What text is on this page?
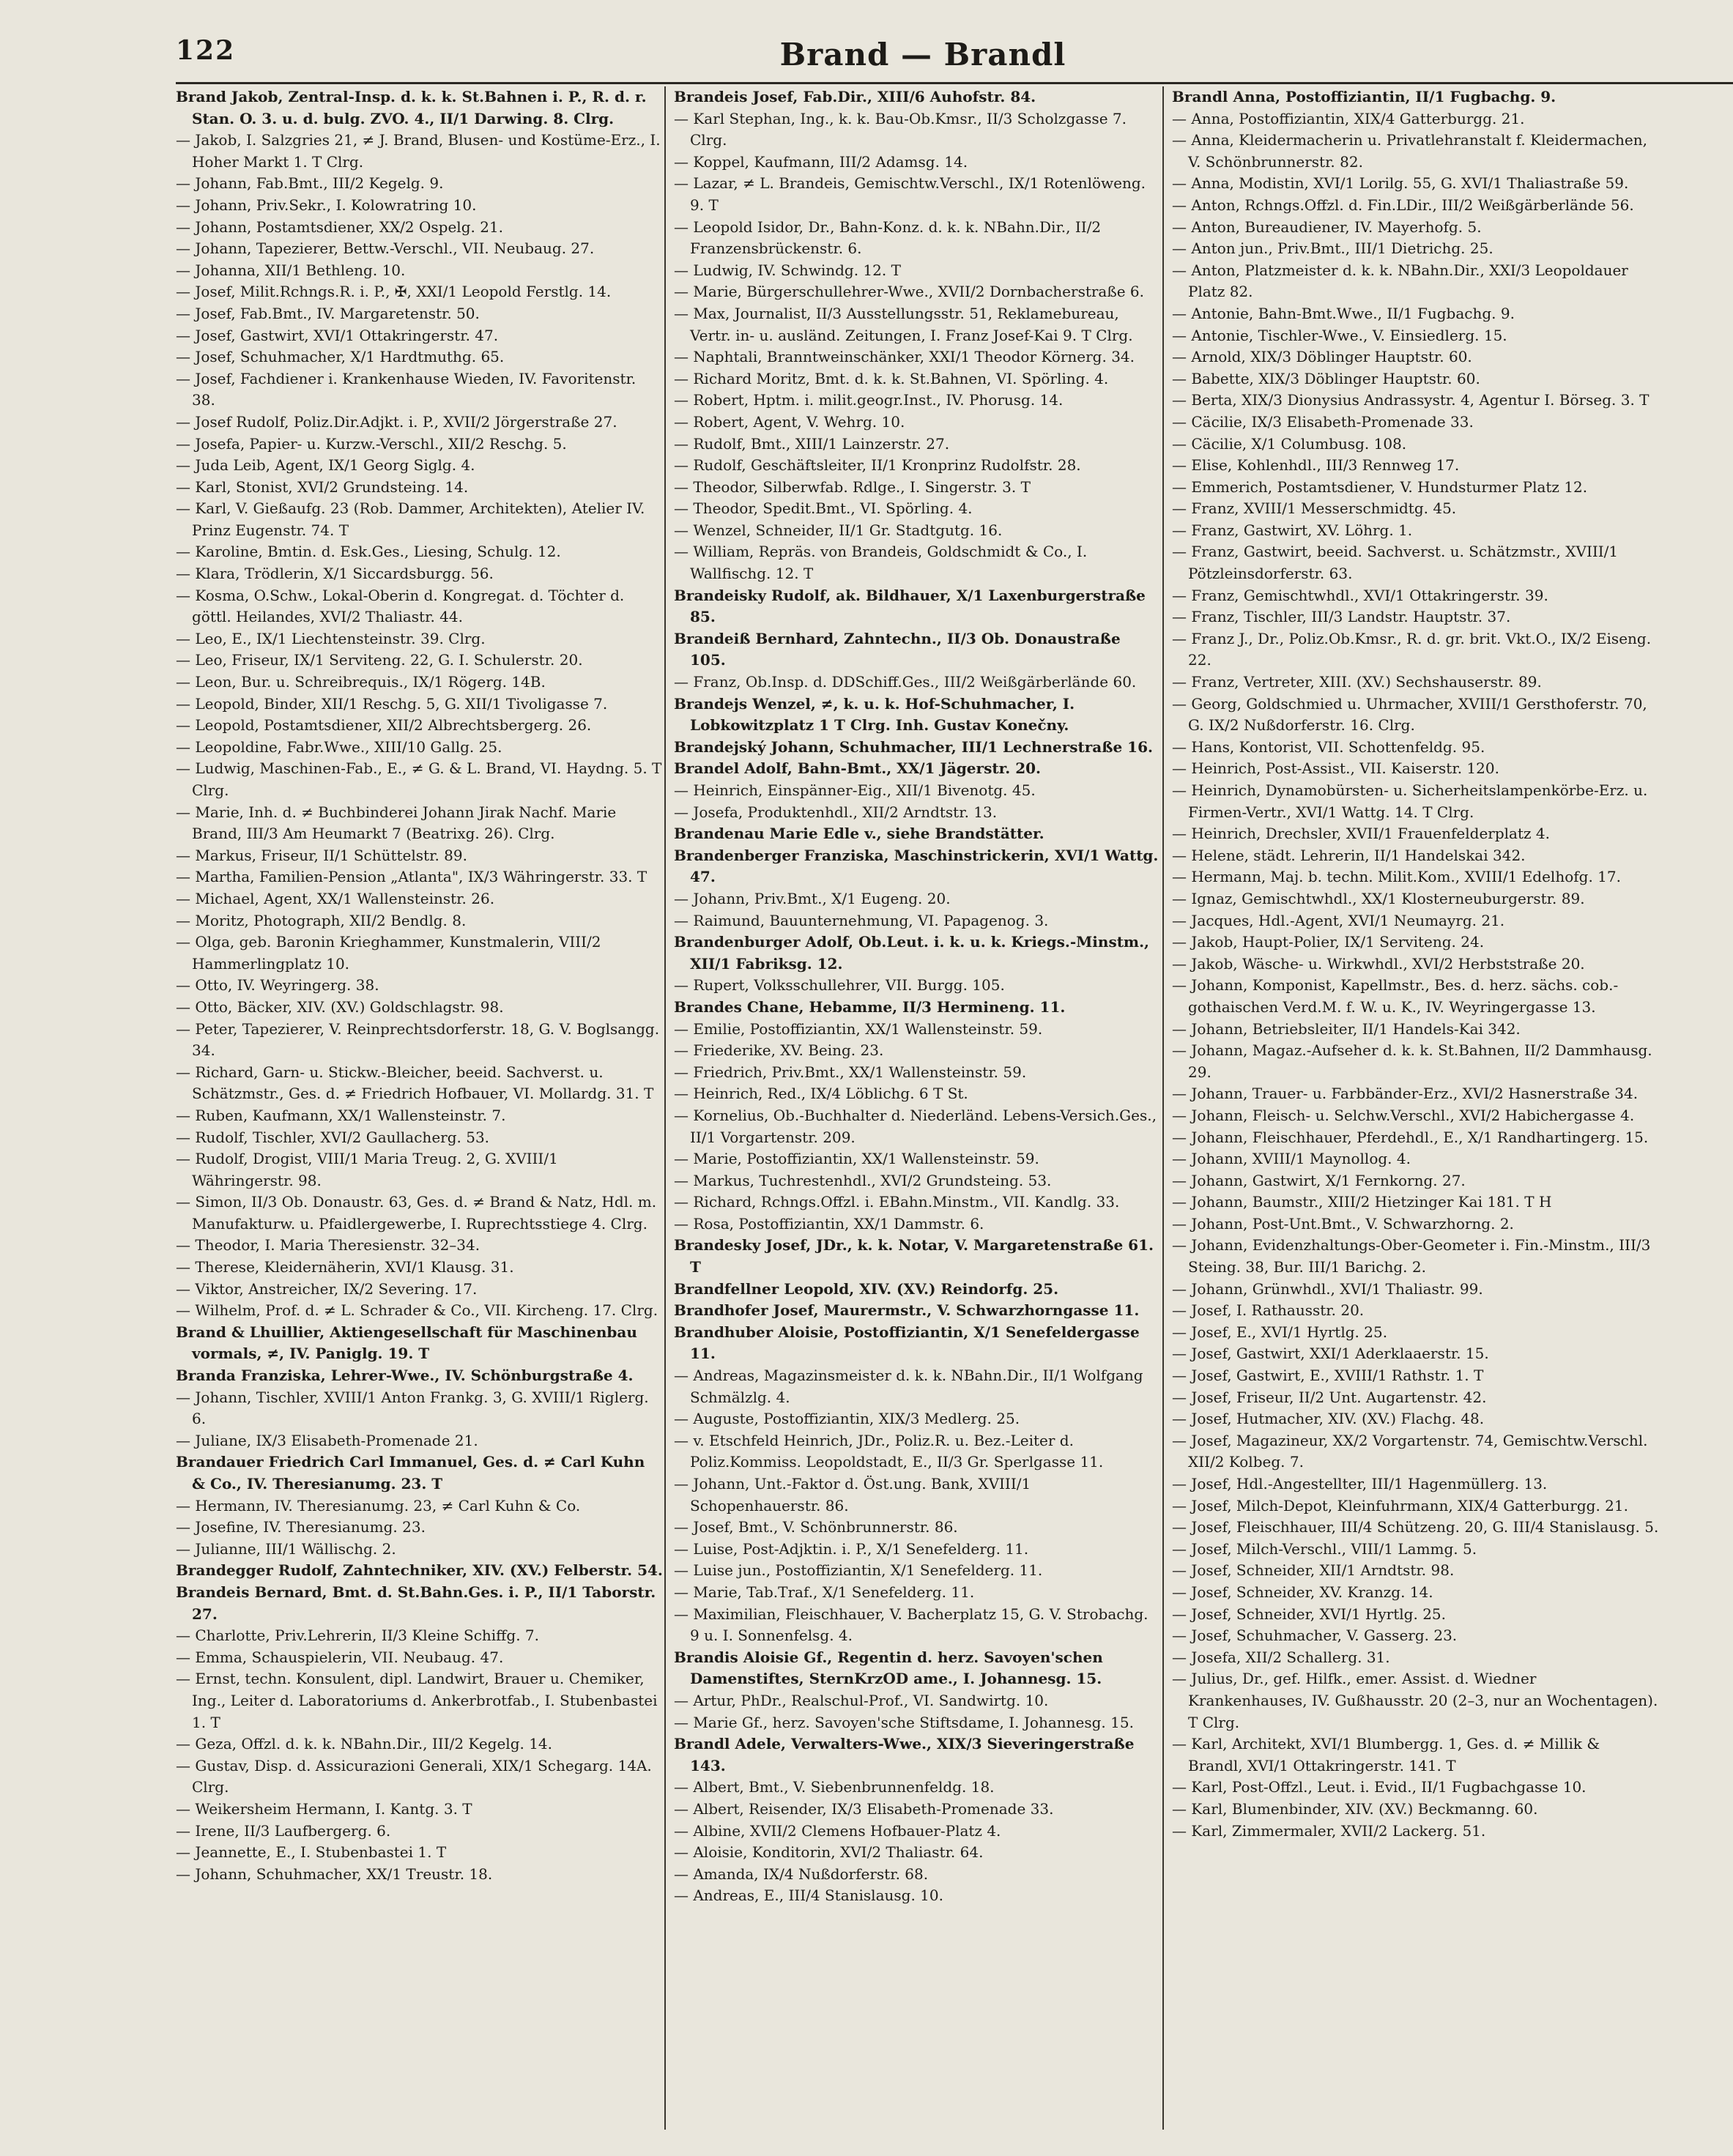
122	Brand — Brandl

Brand Jakob, Zentral-Insp. d. k. k. St.Bahnen i. P., R. d. r. Stan. O. 3. u. d. bulg. ZVO. 4., II/1 Darwing. 8. Clrg.

— Jakob, I. Salzgries 21, ≠ J. Brand, Blusen- und Kostüme-Erz., I. Hoher Markt 1. T Clrg.

— Johann, Fab.Bmt., III/2 Kegelg. 9.

— Johann, Priv.Sekr., I. Kolowratring 10.

— Johann, Postamtsdiener, XX/2 Ospelg. 21.

— Johann, Tapezierer, Bettw.-Verschl., VII. Neubaug. 27.

— Johanna, XII/1 Bethleng. 10.

— Josef, Milit.Rchngs.R. i. P., ✠, XXI/1 Leopold Ferstlg. 14.

— Josef, Fab.Bmt., IV. Margaretenstr. 50.

— Josef, Gastwirt, XVI/1 Ottakringerstr. 47.

— Josef, Schuhmacher, X/1 Hardtmuthg. 65.

— Josef, Fachdiener i. Krankenhause Wieden, IV. Favoritenstr. 38.

— Josef Rudolf, Poliz.Dir.Adjkt. i. P., XVII/2 Jörgerstraße 27.

— Josefa, Papier- u. Kurzw.-Verschl., XII/2 Reschg. 5.

— Juda Leib, Agent, IX/1 Georg Siglg. 4.

— Karl, Stonist, XVI/2 Grundsteing. 14.

— Karl, V. Gießaufg. 23 (Rob. Dammer, Architekten), Atelier IV. Prinz Eugenstr. 74. T

— Karoline, Bmtin. d. Esk.Ges., Liesing, Schulg. 12.

— Klara, Trödlerin, X/1 Siccardsburgg. 56.

— Kosma, O.Schw., Lokal-Oberin d. Kongregat. d. Töchter d. göttl. Heilandes, XVI/2 Thaliastr. 44.

— Leo, E., IX/1 Liechtensteinstr. 39. Clrg.

— Leo, Friseur, IX/1 Serviteng. 22, G. I. Schulerstr. 20.

— Leon, Bur. u. Schreibrequis., IX/1 Rögerg. 14B.

— Leopold, Binder, XII/1 Reschg. 5, G. XII/1 Tivoligasse 7.

— Leopold, Postamtsdiener, XII/2 Albrechtsbergerg. 26.

— Leopoldine, Fabr.Wwe., XIII/10 Gallg. 25.

— Ludwig, Maschinen-Fab., E., ≠ G. & L. Brand, VI. Haydng. 5. T Clrg.

— Marie, Inh. d. ≠ Buchbinderei Johann Jirak Nachf. Marie Brand, III/3 Am Heumarkt 7 (Beatrixg. 26). Clrg.

— Markus, Friseur, II/1 Schüttelstr. 89.

— Martha, Familien-Pension „Atlanta", IX/3 Währingerstr. 33. T

— Michael, Agent, XX/1 Wallensteinstr. 26.

— Moritz, Photograph, XII/2 Bendlg. 8.

— Olga, geb. Baronin Krieghammer, Kunstmalerin, VIII/2 Hammerlingplatz 10.

— Otto, IV. Weyringerg. 38.

— Otto, Bäcker, XIV. (XV.) Goldschlagstr. 98.

— Peter, Tapezierer, V. Reinprechtsdorferstr. 18, G. V. Boglsangg. 34.

— Richard, Garn- u. Stickw.-Bleicher, beeid. Sachverst. u. Schätzmstr., Ges. d. ≠ Friedrich Hofbauer, VI. Mollardg. 31. T

— Ruben, Kaufmann, XX/1 Wallensteinstr. 7.

— Rudolf, Tischler, XVI/2 Gaullacherg. 53.

— Rudolf, Drogist, VIII/1 Maria Treug. 2, G. XVIII/1 Währingerstr. 98.

— Simon, II/3 Ob. Donaustr. 63, Ges. d. ≠ Brand & Natz, Hdl. m. Manufakturw. u. Pfaidlergewerbe, I. Ruprechtsstiege 4. Clrg.

— Theodor, I. Maria Theresienstr. 32–34.

— Therese, Kleidernäherin, XVI/1 Klausg. 31.

— Viktor, Anstreicher, IX/2 Severing. 17.

— Wilhelm, Prof. d. ≠ L. Schrader & Co., VII. Kircheng. 17. Clrg.

Brand & Lhuillier, Aktiengesellschaft für Maschinenbau vormals, ≠, IV. Paniglg. 19. T

Branda Franziska, Lehrer-Wwe., IV. Schönburgstraße 4.

— Johann, Tischler, XVIII/1 Anton Frankg. 3, G. XVIII/1 Riglerg. 6.

— Juliane, IX/3 Elisabeth-Promenade 21.

Brandauer Friedrich Carl Immanuel, Ges. d. ≠ Carl Kuhn & Co., IV. Theresianumg. 23. T

— Hermann, IV. Theresianumg. 23, ≠ Carl Kuhn & Co.

— Josefine, IV. Theresianumg. 23.

— Julianne, III/1 Wällischg. 2.

Brandegger Rudolf, Zahntechniker, XIV. (XV.) Felberstr. 54.

Brandeis Bernard, Bmt. d. St.Bahn.Ges. i. P., II/1 Taborstr. 27.

— Charlotte, Priv.Lehrerin, II/3 Kleine Schiffg. 7.

— Emma, Schauspielerin, VII. Neubaug. 47.

— Ernst, techn. Konsulent, dipl. Landwirt, Brauer u. Chemiker, Ing., Leiter d. Laboratoriums d. Ankerbrotfab., I. Stubenbastei 1. T

— Geza, Offzl. d. k. k. NBahn.Dir., III/2 Kegelg. 14.

— Gustav, Disp. d. Assicurazioni Generali, XIX/1 Schegarg. 14A. Clrg.

— Weikersheim Hermann, I. Kantg. 3. T

— Irene, II/3 Laufbergerg. 6.

— Jeannette, E., I. Stubenbastei 1. T

— Johann, Schuhmacher, XX/1 Treustr. 18.

Brandeis Josef, Fab.Dir., XIII/6 Auhofstr. 84.

— Karl Stephan, Ing., k. k. Bau-Ob.Kmsr., II/3 Scholzgasse 7. Clrg.

— Koppel, Kaufmann, III/2 Adamsg. 14.

— Lazar, ≠ L. Brandeis, Gemischtw.Verschl., IX/1 Rotenlöweng. 9. T

— Leopold Isidor, Dr., Bahn-Konz. d. k. k. NBahn.Dir., II/2 Franzensbrückenstr. 6.

— Ludwig, IV. Schwindg. 12. T

— Marie, Bürgerschullehrer-Wwe., XVII/2 Dornbacherstraße 6.

— Max, Journalist, II/3 Ausstellungsstr. 51, Reklamebureau, Vertr. in- u. ausländ. Zeitungen, I. Franz Josef-Kai 9. T Clrg.

— Naphtali, Branntweinschänker, XXI/1 Theodor Körnerg. 34.

— Richard Moritz, Bmt. d. k. k. St.Bahnen, VI. Spörling. 4.

— Robert, Hptm. i. milit.geogr.Inst., IV. Phorusg. 14.

— Robert, Agent, V. Wehrg. 10.

— Rudolf, Bmt., XIII/1 Lainzerstr. 27.

— Rudolf, Geschäftsleiter, II/1 Kronprinz Rudolfstr. 28.

— Theodor, Silberwfab. Rdlge., I. Singerstr. 3. T

— Theodor, Spedit.Bmt., VI. Spörling. 4.

— Wenzel, Schneider, II/1 Gr. Stadtgutg. 16.

— William, Repräs. von Brandeis, Goldschmidt & Co., I. Wallfischg. 12. T

Brandeisky Rudolf, ak. Bildhauer, X/1 Laxenburgerstraße 85.

Brandeiß Bernhard, Zahntechn., II/3 Ob. Donaustraße 105.

— Franz, Ob.Insp. d. DDSchiff.Ges., III/2 Weißgärberlände 60.

Brandejs Wenzel, ≠, k. u. k. Hof-Schuhmacher, I. Lobkowitzplatz 1 T Clrg. Inh. Gustav Konečny.

Brandejský Johann, Schuhmacher, III/1 Lechnerstraße 16.

Brandel Adolf, Bahn-Bmt., XX/1 Jägerstr. 20.

— Heinrich, Einspänner-Eig., XII/1 Bivenotg. 45.

— Josefa, Produktenhdl., XII/2 Arndtstr. 13.

Brandenau Marie Edle v., siehe Brandstätter.

Brandenberger Franziska, Maschinstrickerin, XVI/1 Wattg. 47.

— Johann, Priv.Bmt., X/1 Eugeng. 20.

— Raimund, Bauunternehmung, VI. Papagenog. 3.

Brandenburger Adolf, Ob.Leut. i. k. u. k. Kriegs.-Minstm., XII/1 Fabriksg. 12.

— Rupert, Volksschullehrer, VII. Burgg. 105.

Brandes Chane, Hebamme, II/3 Hermineng. 11.

— Emilie, Postoffiziantin, XX/1 Wallensteinstr. 59.

— Friederike, XV. Being. 23.

— Friedrich, Priv.Bmt., XX/1 Wallensteinstr. 59.

— Heinrich, Red., IX/4 Löblichg. 6 T St.

— Kornelius, Ob.-Buchhalter d. Niederländ. Lebens-Versich.Ges., II/1 Vorgartenstr. 209.

— Marie, Postoffiziantin, XX/1 Wallensteinstr. 59.

— Markus, Tuchrestenhdl., XVI/2 Grundsteing. 53.

— Richard, Rchngs.Offzl. i. EBahn.Minstm., VII. Kandlg. 33.

— Rosa, Postoffiziantin, XX/1 Dammstr. 6.

Brandesky Josef, JDr., k. k. Notar, V. Margaretenstraße 61. T

Brandfellner Leopold, XIV. (XV.) Reindorfg. 25.

Brandhofer Josef, Maurermstr., V. Schwarzhorngasse 11.

Brandhuber Aloisie, Postoffiziantin, X/1 Senefeldergasse 11.

— Andreas, Magazinsmeister d. k. k. NBahn.Dir., II/1 Wolfgang Schmälzlg. 4.

— Auguste, Postoffiziantin, XIX/3 Medlerg. 25.

— v. Etschfeld Heinrich, JDr., Poliz.R. u. Bez.-Leiter d. Poliz.Kommiss. Leopoldstadt, E., II/3 Gr. Sperlgasse 11.

— Johann, Unt.-Faktor d. Öst.ung. Bank, XVIII/1 Schopenhauerstr. 86.

— Josef, Bmt., V. Schönbrunnerstr. 86.

— Luise, Post-Adjktin. i. P., X/1 Senefelderg. 11.

— Luise jun., Postoffiziantin, X/1 Senefelderg. 11.

— Marie, Tab.Traf., X/1 Senefelderg. 11.

— Maximilian, Fleischhauer, V. Bacherplatz 15, G. V. Strobachg. 9 u. I. Sonnenfelsg. 4.

Brandis Aloisie Gf., Regentin d. herz. Savoyen'schen Damenstiftes, SternKrzOD ame., I. Johannesg. 15.

— Artur, PhDr., Realschul-Prof., VI. Sandwirtg. 10.

— Marie Gf., herz. Savoyen'sche Stiftsdame, I. Johannesg. 15.

Brandl Adele, Verwalters-Wwe., XIX/3 Sieveringerstraße 143.

— Albert, Bmt., V. Siebenbrunnenfeldg. 18.

— Albert, Reisender, IX/3 Elisabeth-Promenade 33.

— Albine, XVII/2 Clemens Hofbauer-Platz 4.

— Aloisie, Konditorin, XVI/2 Thaliastr. 64.

— Amanda, IX/4 Nußdorferstr. 68.

— Andreas, E., III/4 Stanislausg. 10.

Brandl Anna, Postoffiziantin, II/1 Fugbachg. 9.

— Anna, Postoffiziantin, XIX/4 Gatterburgg. 21.

— Anna, Kleidermacherin u. Privatlehranstalt f. Kleidermachen, V. Schönbrunnerstr. 82.

— Anna, Modistin, XVI/1 Lorilg. 55, G. XVI/1 Thaliastraße 59.

— Anton, Rchngs.Offzl. d. Fin.LDir., III/2 Weißgärberlände 56.

— Anton, Bureaudiener, IV. Mayerhofg. 5.

— Anton jun., Priv.Bmt., III/1 Dietrichg. 25.

— Anton, Platzmeister d. k. k. NBahn.Dir., XXI/3 Leopoldauer Platz 82.

— Antonie, Bahn-Bmt.Wwe., II/1 Fugbachg. 9.

— Antonie, Tischler-Wwe., V. Einsiedlerg. 15.

— Arnold, XIX/3 Döblinger Hauptstr. 60.

— Babette, XIX/3 Döblinger Hauptstr. 60.

— Berta, XIX/3 Dionysius Andrassystr. 4, Agentur I. Börseg. 3. T

— Cäcilie, IX/3 Elisabeth-Promenade 33.

— Cäcilie, X/1 Columbusg. 108.

— Elise, Kohlenhdl., III/3 Rennweg 17.

— Emmerich, Postamtsdiener, V. Hundsturmer Platz 12.

— Franz, XVIII/1 Messerschmidtg. 45.

— Franz, Gastwirt, XV. Löhrg. 1.

— Franz, Gastwirt, beeid. Sachverst. u. Schätzmstr., XVIII/1 Pötzleinsdorferstr. 63.

— Franz, Gemischtwhdl., XVI/1 Ottakringerstr. 39.

— Franz, Tischler, III/3 Landstr. Hauptstr. 37.

— Franz J., Dr., Poliz.Ob.Kmsr., R. d. gr. brit. Vkt.O., IX/2 Eiseng. 22.

— Franz, Vertreter, XIII. (XV.) Sechshauserstr. 89.

— Georg, Goldschmied u. Uhrmacher, XVIII/1 Gersthoferstr. 70, G. IX/2 Nußdorferstr. 16. Clrg.

— Hans, Kontorist, VII. Schottenfeldg. 95.

— Heinrich, Post-Assist., VII. Kaiserstr. 120.

— Heinrich, Dynamobürsten- u. Sicherheitslampenkörbe-Erz. u. Firmen-Vertr., XVI/1 Wattg. 14. T Clrg.

— Heinrich, Drechsler, XVII/1 Frauenfelderplatz 4.

— Helene, städt. Lehrerin, II/1 Handelskai 342.

— Hermann, Maj. b. techn. Milit.Kom., XVIII/1 Edelhofg. 17.

— Ignaz, Gemischtwhdl., XX/1 Klosterneuburgerstr. 89.

— Jacques, Hdl.-Agent, XVI/1 Neumayrg. 21.

— Jakob, Haupt-Polier, IX/1 Serviteng. 24.

— Jakob, Wäsche- u. Wirkwhdl., XVI/2 Herbststraße 20.

— Johann, Komponist, Kapellmstr., Bes. d. herz. sächs. cob.-gothaischen Verd.M. f. W. u. K., IV. Weyringergasse 13.

— Johann, Betriebsleiter, II/1 Handels-Kai 342.

— Johann, Magaz.-Aufseher d. k. k. St.Bahnen, II/2 Dammhausg. 29.

— Johann, Trauer- u. Farbbänder-Erz., XVI/2 Hasnerstraße 34.

— Johann, Fleisch- u. Selchw.Verschl., XVI/2 Habichergasse 4.

— Johann, Fleischhauer, Pferdehdl., E., X/1 Randhartingerg. 15.

— Johann, XVIII/1 Maynollog. 4.

— Johann, Gastwirt, X/1 Fernkorng. 27.

— Johann, Baumstr., XIII/2 Hietzinger Kai 181. T H

— Johann, Post-Unt.Bmt., V. Schwarzhorng. 2.

— Johann, Evidenzhaltungs-Ober-Geometer i. Fin.-Minstm., III/3 Steing. 38, Bur. III/1 Barichg. 2.

— Johann, Grünwhdl., XVI/1 Thaliastr. 99.

— Josef, I. Rathausstr. 20.

— Josef, E., XVI/1 Hyrtlg. 25.

— Josef, Gastwirt, XXI/1 Aderklaaerstr. 15.

— Josef, Gastwirt, E., XVIII/1 Rathstr. 1. T

— Josef, Friseur, II/2 Unt. Augartenstr. 42.

— Josef, Hutmacher, XIV. (XV.) Flachg. 48.

— Josef, Magazineur, XX/2 Vorgartenstr. 74, Gemischtw.Verschl. XII/2 Kolbeg. 7.

— Josef, Hdl.-Angestellter, III/1 Hagenmüllerg. 13.

— Josef, Milch-Depot, Kleinfuhrmann, XIX/4 Gatterburgg. 21.

— Josef, Fleischhauer, III/4 Schützeng. 20, G. III/4 Stanislausg. 5.

— Josef, Milch-Verschl., VIII/1 Lammg. 5.

— Josef, Schneider, XII/1 Arndtstr. 98.

— Josef, Schneider, XV. Kranzg. 14.

— Josef, Schneider, XVI/1 Hyrtlg. 25.

— Josef, Schuhmacher, V. Gasserg. 23.

— Josefa, XII/2 Schallerg. 31.

— Julius, Dr., gef. Hilfk., emer. Assist. d. Wiedner Krankenhauses, IV. Gußhausstr. 20 (2–3, nur an Wochentagen). T Clrg.

— Karl, Architekt, XVI/1 Blumbergg. 1, Ges. d. ≠ Millik & Brandl, XVI/1 Ottakringerstr. 141. T

— Karl, Post-Offzl., Leut. i. Evid., II/1 Fugbachgasse 10.

— Karl, Blumenbinder, XIV. (XV.) Beckmanng. 60.

— Karl, Zimmermaler, XVII/2 Lackerg. 51.
